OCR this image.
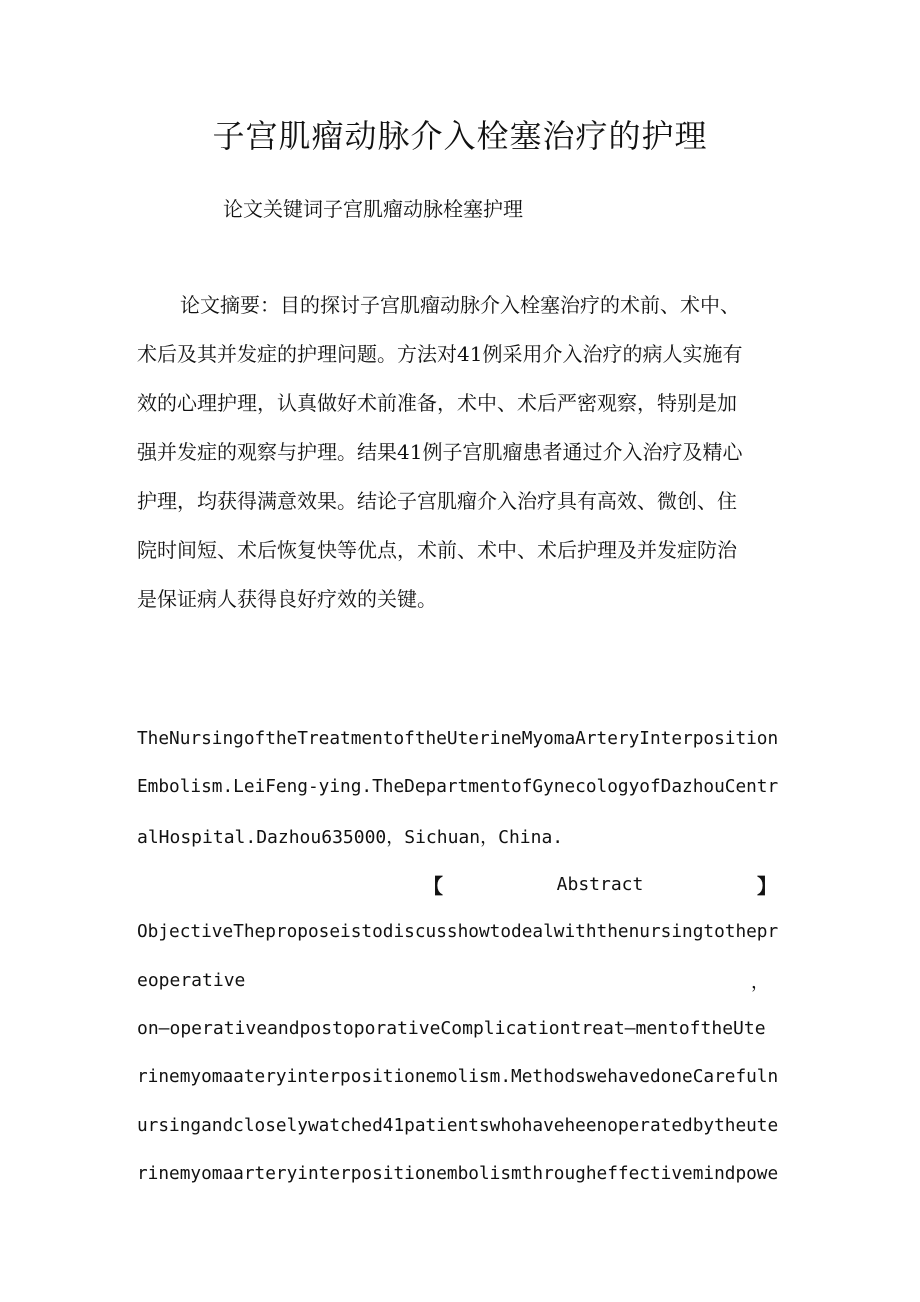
子宫肌瘤动脉介入栓塞治疗的护理

论文关键词子宫肌瘤动脉栓塞护理

论文摘要：目的探讨子宫肌瘤动脉介入栓塞治疗的术前、术中、
术后及其并发症的护理问题。方法对41例采用介入治疗的病人实施有
效的心理护理，认真做好术前准备，术中、术后严密观察，特别是加
强并发症的观察与护理。结果41例子宫肌瘤患者通过介入治疗及精心
护理，均获得满意效果。结论子宫肌瘤介入治疗具有高效、微创、住
院时间短、术后恢复快等优点，术前、术中、术后护理及并发症防治
是保证病人获得良好疗效的关键。
TheNursingoftheTreatmentoftheUterineMyomaArteryInterposition
Embolism.LeiFeng-ying.TheDepartmentofGynecologyofDazhouCentr
alHospital.Dazhou635000，Sichuan，China.
【	Abstract	】
ObjectiveTheproposeistodiscusshowtodealwiththenursingtothepr
eoperative	，
on—operativeandpostoporativeComplicationtreat—mentoftheUte
rinemyomaateryinterpositionemolism.MethodswehavedoneCarefuln
ursingandcloselywatched41patientswhohaveheenoperatedbytheute
rinemyomaarteryinterpositionembolismthrougheffectivemindpowe
